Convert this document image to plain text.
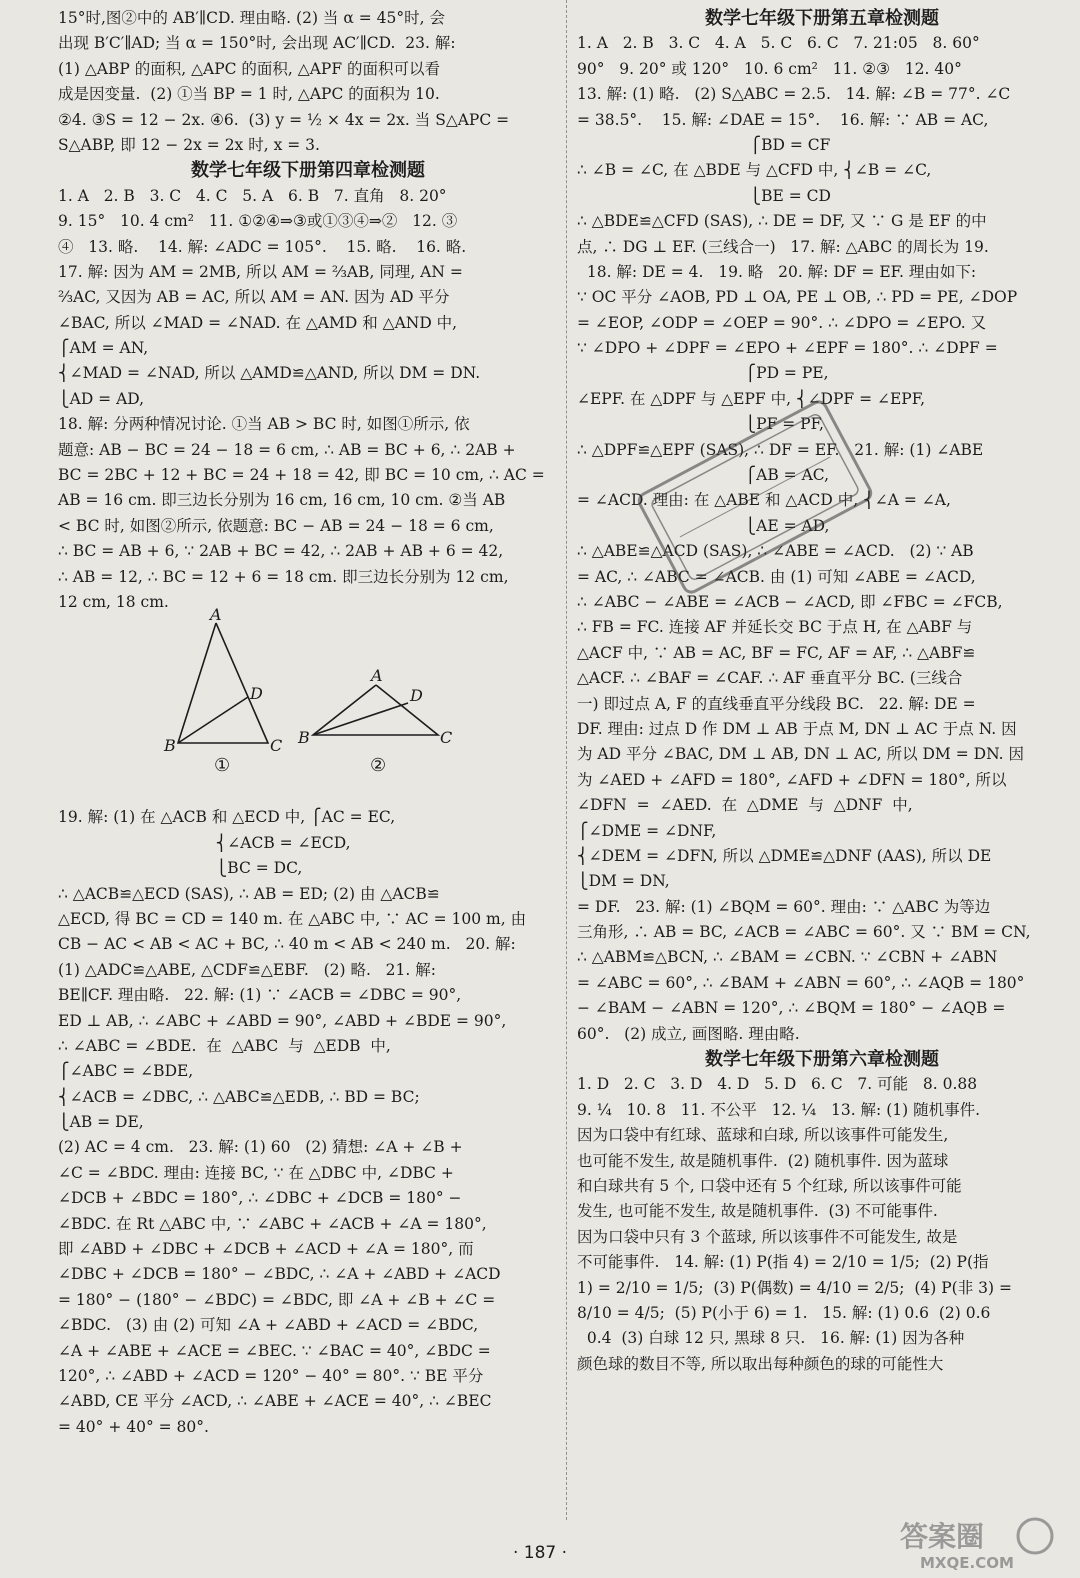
15°时,图②中的 AB′∥CD. 理由略. (2) 当 α = 45°时, 会
出现 B′C′∥AD; 当 α = 150°时, 会出现 AC′∥CD.  23. 解:
(1) △ABP 的面积, △APC 的面积, △APF 的面积可以看
成是因变量.  (2) ①当 BP = 1 时, △APC 的面积为 10.
②4. ③S = 12 − 2x. ④6.  (3) y = ½ × 4x = 2x. 当 S△APC =
S△ABP, 即 12 − 2x = 2x 时, x = 3.
数学七年级下册第四章检测题
1. A   2. B   3. C   4. C   5. A   6. B   7. 直角   8. 20°
9. 15°   10. 4 cm²   11. ①②④⇒③或①③④⇒②   12. ③
④   13. 略.    14. 解: ∠ADC = 105°.    15. 略.    16. 略.
17. 解: 因为 AM = 2MB, 所以 AM = ⅔AB, 同理, AN =
⅔AC, 又因为 AB = AC, 所以 AM = AN. 因为 AD 平分
∠BAC, 所以 ∠MAD = ∠NAD. 在 △AMD 和 △AND 中,
⎧AM = AN,
⎨∠MAD = ∠NAD, 所以 △AMD≌△AND, 所以 DM = DN.
⎩AD = AD,
18. 解: 分两种情况讨论. ①当 AB > BC 时, 如图①所示, 依
题意: AB − BC = 24 − 18 = 6 cm, ∴ AB = BC + 6, ∴ 2AB +
BC = 2BC + 12 + BC = 24 + 18 = 42, 即 BC = 10 cm, ∴ AC =
AB = 16 cm. 即三边长分别为 16 cm, 16 cm, 10 cm. ②当 AB
< BC 时, 如图②所示, 依题意: BC − AB = 24 − 18 = 6 cm,
∴ BC = AB + 6, ∵ 2AB + BC = 42, ∴ 2AB + AB + 6 = 42,
∴ AB = 12, ∴ BC = 12 + 6 = 18 cm. 即三边长分别为 12 cm,
12 cm, 18 cm.
A
B	C
D
A
B	C
D
①	②
19. 解: (1) 在 △ACB 和 △ECD 中, ⎧AC = EC,
⎨∠ACB = ∠ECD,
⎩BC = DC,
∴ △ACB≌△ECD (SAS), ∴ AB = ED; (2) 由 △ACB≌
△ECD, 得 BC = CD = 140 m. 在 △ABC 中, ∵ AC = 100 m, 由
CB − AC < AB < AC + BC, ∴ 40 m < AB < 240 m.   20. 解:
(1) △ADC≌△ABE, △CDF≌△EBF.   (2) 略.   21. 解:
BE∥CF. 理由略.   22. 解: (1) ∵ ∠ACB = ∠DBC = 90°,
ED ⊥ AB, ∴ ∠ABC + ∠ABD = 90°, ∠ABD + ∠BDE = 90°,
∴ ∠ABC = ∠BDE.  在  △ABC  与  △EDB  中,
⎧∠ABC = ∠BDE,
⎨∠ACB = ∠DBC, ∴ △ABC≌△EDB, ∴ BD = BC;
⎩AB = DE,
(2) AC = 4 cm.   23. 解: (1) 60   (2) 猜想: ∠A + ∠B +
∠C = ∠BDC. 理由: 连接 BC, ∵ 在 △DBC 中, ∠DBC +
∠DCB + ∠BDC = 180°, ∴ ∠DBC + ∠DCB = 180° −
∠BDC. 在 Rt △ABC 中, ∵ ∠ABC + ∠ACB + ∠A = 180°,
即 ∠ABD + ∠DBC + ∠DCB + ∠ACD + ∠A = 180°, 而
∠DBC + ∠DCB = 180° − ∠BDC, ∴ ∠A + ∠ABD + ∠ACD
= 180° − (180° − ∠BDC) = ∠BDC, 即 ∠A + ∠B + ∠C =
∠BDC.   (3) 由 (2) 可知 ∠A + ∠ABD + ∠ACD = ∠BDC,
∠A + ∠ABE + ∠ACE = ∠BEC. ∵ ∠BAC = 40°, ∠BDC =
120°, ∴ ∠ABD + ∠ACD = 120° − 40° = 80°. ∵ BE 平分
∠ABD, CE 平分 ∠ACD, ∴ ∠ABE + ∠ACE = 40°, ∴ ∠BEC
= 40° + 40° = 80°.
数学七年级下册第五章检测题
1. A   2. B   3. C   4. A   5. C   6. C   7. 21:05   8. 60°
90°   9. 20° 或 120°   10. 6 cm²   11. ②③   12. 40°
13. 解: (1) 略.   (2) S△ABC = 2.5.   14. 解: ∠B = 77°. ∠C
= 38.5°.    15. 解: ∠DAE = 15°.    16. 解: ∵ AB = AC,
⎧BD = CF
∴ ∠B = ∠C, 在 △BDE 与 △CFD 中, ⎨∠B = ∠C,
⎩BE = CD
∴ △BDE≌△CFD (SAS), ∴ DE = DF, 又 ∵ G 是 EF 的中
点, ∴ DG ⊥ EF. (三线合一)   17. 解: △ABC 的周长为 19.
18. 解: DE = 4.   19. 略   20. 解: DF = EF. 理由如下:
∵ OC 平分 ∠AOB, PD ⊥ OA, PE ⊥ OB, ∴ PD = PE, ∠DOP
= ∠EOP, ∠ODP = ∠OEP = 90°. ∴ ∠DPO = ∠EPO. 又
∵ ∠DPO + ∠DPF = ∠EPO + ∠EPF = 180°. ∴ ∠DPF =
⎧PD = PE,
∠EPF. 在 △DPF 与 △EPF 中, ⎨∠DPF = ∠EPF,
⎩PF = PF,
∴ △DPF≌△EPF (SAS), ∴ DF = EF.   21. 解: (1) ∠ABE
⎧AB = AC,
= ∠ACD. 理由: 在 △ABE 和 △ACD 中, ⎨∠A = ∠A,
⎩AE = AD,
∴ △ABE≌△ACD (SAS), ∴ ∠ABE = ∠ACD.   (2) ∵ AB
= AC, ∴ ∠ABC = ∠ACB. 由 (1) 可知 ∠ABE = ∠ACD,
∴ ∠ABC − ∠ABE = ∠ACB − ∠ACD, 即 ∠FBC = ∠FCB,
∴ FB = FC. 连接 AF 并延长交 BC 于点 H, 在 △ABF 与
△ACF 中, ∵ AB = AC, BF = FC, AF = AF, ∴ △ABF≌
△ACF. ∴ ∠BAF = ∠CAF. ∴ AF 垂直平分 BC. (三线合
一) 即过点 A, F 的直线垂直平分线段 BC.   22. 解: DE =
DF. 理由: 过点 D 作 DM ⊥ AB 于点 M, DN ⊥ AC 于点 N. 因
为 AD 平分 ∠BAC, DM ⊥ AB, DN ⊥ AC, 所以 DM = DN. 因
为 ∠AED + ∠AFD = 180°, ∠AFD + ∠DFN = 180°, 所以
∠DFN  =  ∠AED.  在  △DME  与  △DNF  中,
⎧∠DME = ∠DNF,
⎨∠DEM = ∠DFN, 所以 △DME≌△DNF (AAS), 所以 DE
⎩DM = DN,
= DF.   23. 解: (1) ∠BQM = 60°. 理由: ∵ △ABC 为等边
三角形, ∴ AB = BC, ∠ACB = ∠ABC = 60°. 又 ∵ BM = CN,
∴ △ABM≌△BCN, ∴ ∠BAM = ∠CBN. ∵ ∠CBN + ∠ABN
= ∠ABC = 60°, ∴ ∠BAM + ∠ABN = 60°, ∴ ∠AQB = 180°
− ∠BAM − ∠ABN = 120°, ∴ ∠BQM = 180° − ∠AQB =
60°.   (2) 成立, 画图略. 理由略.
数学七年级下册第六章检测题
1. D   2. C   3. D   4. D   5. D   6. C   7. 可能   8. 0.88
9. ¼   10. 8   11. 不公平   12. ¼   13. 解: (1) 随机事件.
因为口袋中有红球、蓝球和白球, 所以该事件可能发生,
也可能不发生, 故是随机事件.  (2) 随机事件. 因为蓝球
和白球共有 5 个, 口袋中还有 5 个红球, 所以该事件可能
发生, 也可能不发生, 故是随机事件.  (3) 不可能事件.
因为口袋中只有 3 个蓝球, 所以该事件不可能发生, 故是
不可能事件.   14. 解: (1) P(指 4) = 2/10 = 1/5;  (2) P(指
1) = 2/10 = 1/5;  (3) P(偶数) = 4/10 = 2/5;  (4) P(非 3) =
8/10 = 4/5;  (5) P(小于 6) = 1.   15. 解: (1) 0.6  (2) 0.6
0.4  (3) 白球 12 只, 黑球 8 只.   16. 解: (1) 因为各种
颜色球的数目不等, 所以取出每种颜色的球的可能性大
· 187 ·	答案圈
MXQE.COM
